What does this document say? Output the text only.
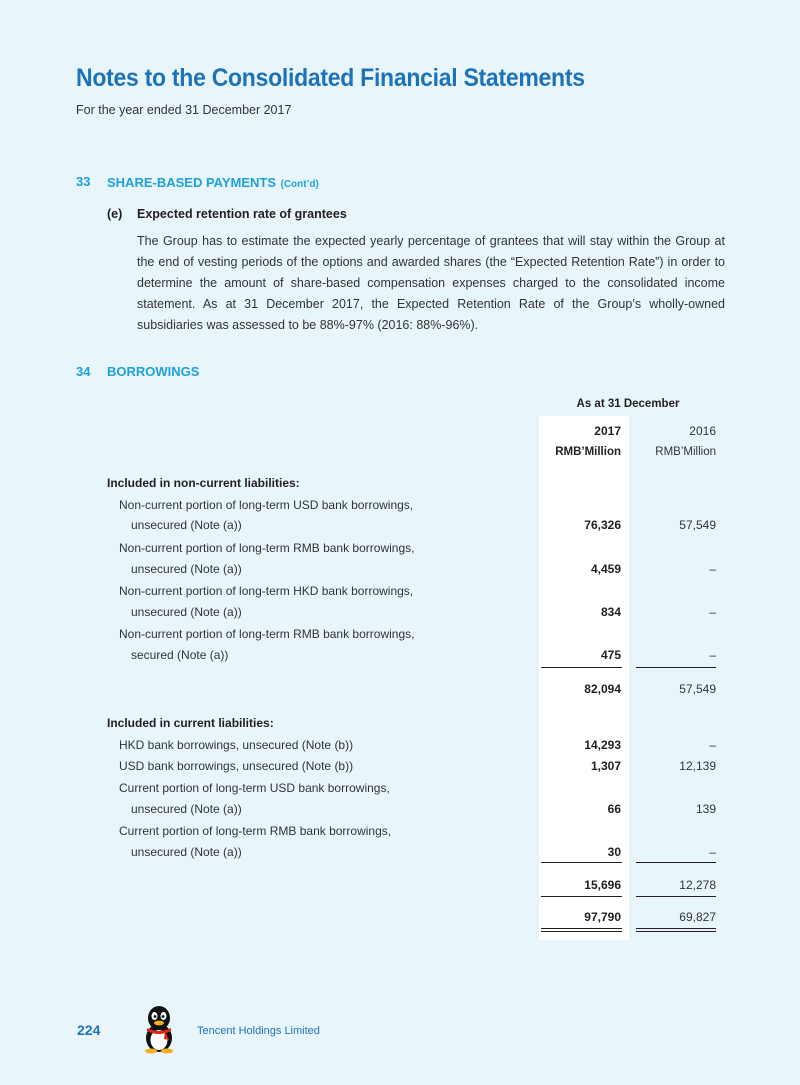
Notes to the Consolidated Financial Statements
For the year ended 31 December 2017
33 SHARE-BASED PAYMENTS (Cont’d)
(e) Expected retention rate of grantees
The Group has to estimate the expected yearly percentage of grantees that will stay within the Group at the end of vesting periods of the options and awarded shares (the “Expected Retention Rate”) in order to determine the amount of share-based compensation expenses charged to the consolidated income statement. As at 31 December 2017, the Expected Retention Rate of the Group’s wholly-owned subsidiaries was assessed to be 88%-97% (2016: 88%-96%).
34 BORROWINGS
As at 31 December
2017	2016
RMB’Million	RMB’Million
Included in non-current liabilities:
Non-current portion of long-term USD bank borrowings,
unsecured (Note (a))	76,326	57,549
Non-current portion of long-term RMB bank borrowings,
unsecured (Note (a))	4,459	–
Non-current portion of long-term HKD bank borrowings,
unsecured (Note (a))	834	–
Non-current portion of long-term RMB bank borrowings,
secured (Note (a))	475	–
82,094	57,549
Included in current liabilities:
HKD bank borrowings, unsecured (Note (b))	14,293	–
USD bank borrowings, unsecured (Note (b))	1,307	12,139
Current portion of long-term USD bank borrowings,
unsecured (Note (a))	66	139
Current portion of long-term RMB bank borrowings,
unsecured (Note (a))	30	–
15,696	12,278
97,790	69,827
224	Tencent Holdings Limited
